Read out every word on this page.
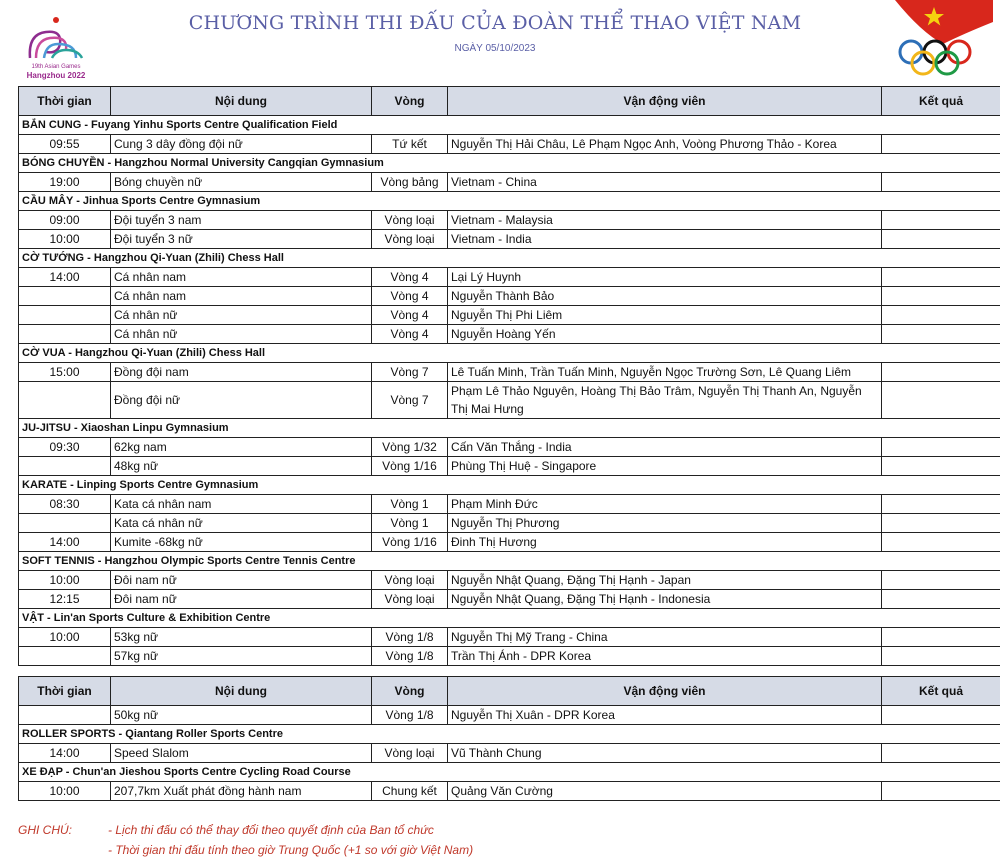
19th Asian Games
Hangzhou 2022
CHƯƠNG TRÌNH THI ĐẤU CỦA ĐOÀN THỂ THAO VIỆT NAM
NGÀY 05/10/2023
Thời gian	Nội dung	Vòng	Vận động viên	Kết quả
BẮN CUNG - Fuyang Yinhu Sports Centre Qualification Field				
09:55	Cung 3 dây đồng đội nữ	Tứ kết	Nguyễn Thị Hải Châu, Lê Phạm Ngọc Anh, Voòng Phương Thảo - Korea	
BÓNG CHUYỀN - Hangzhou Normal University Cangqian Gymnasium				
19:00	Bóng chuyền nữ	Vòng bảng	Vietnam - China	
CẦU MÂY - Jinhua Sports Centre Gymnasium				
09:00	Đội tuyển 3 nam	Vòng loại	Vietnam - Malaysia	
10:00	Đội tuyển 3 nữ	Vòng loại	Vietnam - India	
CỜ TƯỚNG - Hangzhou Qi-Yuan (Zhili) Chess Hall				
14:00	Cá nhân nam	Vòng 4	Lại Lý Huynh	
	Cá nhân nam	Vòng 4	Nguyễn Thành Bảo	
	Cá nhân nữ	Vòng 4	Nguyễn Thị Phi Liêm	
	Cá nhân nữ	Vòng 4	Nguyễn Hoàng Yến	
CỜ VUA - Hangzhou Qi-Yuan (Zhili) Chess Hall				
15:00	Đồng đội nam	Vòng 7	Lê Tuấn Minh, Trần Tuấn Minh, Nguyễn Ngọc Trường Sơn, Lê Quang Liêm	
	Đồng đội nữ	Vòng 7	Phạm Lê Thảo Nguyên, Hoàng Thị Bảo Trâm, Nguyễn Thị Thanh An, Nguyễn Thị Mai Hưng	
JU-JITSU - Xiaoshan Linpu Gymnasium				
09:30	62kg nam	Vòng 1/32	Cấn Văn Thắng - India	
	48kg nữ	Vòng 1/16	Phùng Thị Huệ - Singapore	
KARATE - Linping Sports Centre Gymnasium				
08:30	Kata cá nhân nam	Vòng 1	Phạm Minh Đức	
	Kata cá nhân nữ	Vòng 1	Nguyễn Thị Phương	
14:00	Kumite -68kg nữ	Vòng 1/16	Đinh Thị Hương	
SOFT TENNIS - Hangzhou Olympic Sports Centre Tennis Centre				
10:00	Đôi nam nữ	Vòng loại	Nguyễn Nhật Quang, Đặng Thị Hạnh - Japan	
12:15	Đôi nam nữ	Vòng loại	Nguyễn Nhật Quang, Đặng Thị Hạnh - Indonesia	
VẬT - Lin'an Sports Culture & Exhibition Centre				
10:00	53kg nữ	Vòng 1/8	Nguyễn Thị Mỹ Trang - China	
	57kg nữ	Vòng 1/8	Trần Thị Ánh - DPR Korea	
Thời gian	Nội dung	Vòng	Vận động viên	Kết quả
	50kg nữ	Vòng 1/8	Nguyễn Thị Xuân - DPR Korea	
ROLLER SPORTS - Qiantang Roller Sports Centre				
14:00	Speed Slalom	Vòng loại	Vũ Thành Chung	
XE ĐẠP - Chun'an Jieshou Sports Centre Cycling Road Course				
10:00	207,7km Xuất phát đồng hành nam	Chung kết	Quảng Văn Cường	
GHI CHÚ:	- Lịch thi đấu có thể thay đổi theo quyết định của Ban tổ chức
- Thời gian thi đấu tính theo giờ Trung Quốc (+1 so với giờ Việt Nam)
